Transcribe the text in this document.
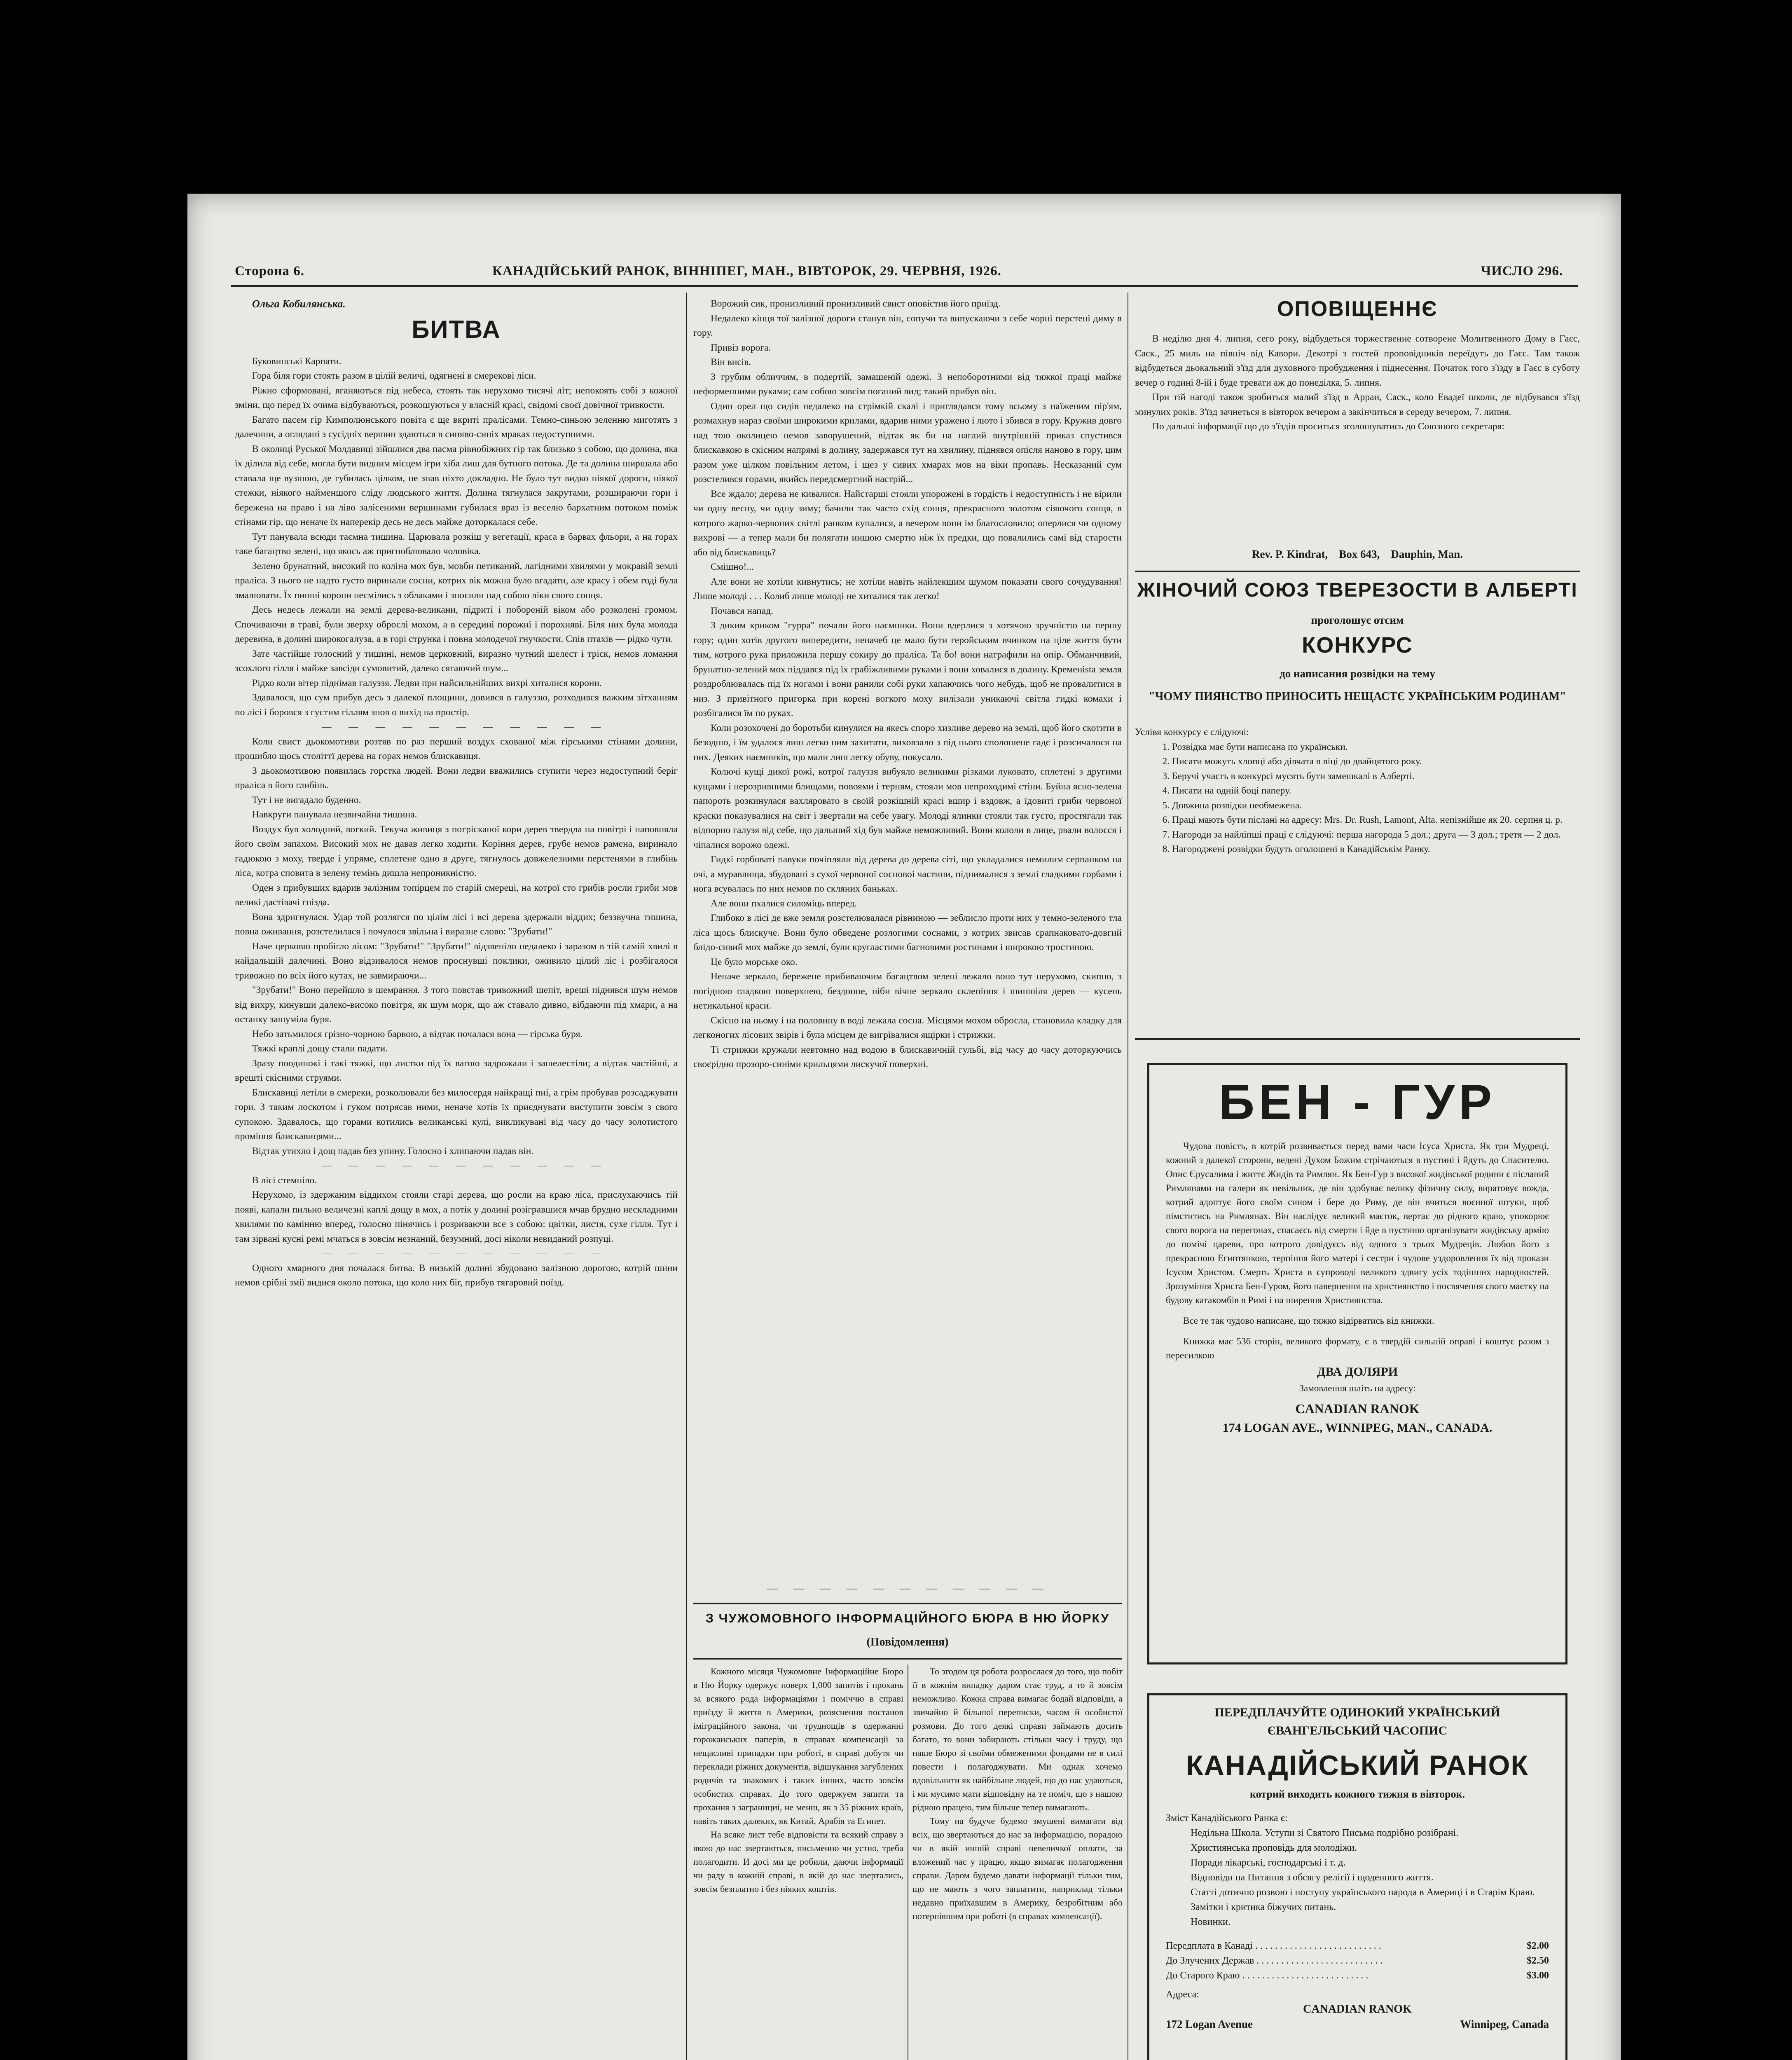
Сторона 6.	КАНАДІЙСЬКИЙ РАНОК, ВІННІПЕГ, МАН., ВІВТОРОК, 29. ЧЕРВНЯ, 1926.	ЧИСЛО 296.

Ольга Кобилянська.

БИТВА

Буковинські Карпати.

Гора біля гори стоять разом в цілій величі, одягнені в смерекові ліси.

Ріжно сформовані, вганяються під небеса, стоять так нерухомо тисячі літ; непокоять собі з кожної зміни, що перед їх очима відбуваються, розкошуються у власній красі, свідомі своєї довічної тривкости.

Багато пасем гір Кимполюнського повіта є ще вкриті пралісами. Темно-синьою зеленню миготять з далечини, а оглядані з сусідніх вершин здаються в синяво-синіх мраках недоступними.

В околиці Руської Молдавиці зійшлися два пасма рівнобіжних гір так близько з собою, що долина, яка їх ділила від себе, могла бути видним місцем ігри хіба лиш для бутного потока. Де та долина ширшала або ставала ще вузшою, де губилась цілком, не знав ніхто докладно. Не було тут видко ніякої дороги, ніякої стежки, ніякого найменшого сліду людського життя. Долина тягнулася закрутами, розшираючи гори і бережена на право і на ліво залісеними вершинами губилася враз із веселю бархатним потоком поміж стінами гір, що неначе їх наперекір десь не десь майже доторкалася себе.

Тут панувала всюди таємна тишина. Царювала розкіш у вегетації, краса в барвах фльори, а на горах таке багацтво зелені, що якось аж пригноблювало чоловіка.

Зелено брунатний, високий по коліна мох був, мовби петиканий, лагідними хвилями у мокравій землі праліса. З нього не надто густо виринали сосни, котрих вік можна було вгадати, але красу і обем годі була змалювати. Їх пишні корони несмілись з облаками і зносили над собою ліки свого сонця.

Десь недесь лежали на землі дерева-великани, підриті і побореній віком або розколені громом. Спочиваючи в траві, були зверху оброслі мохом, а в середині порожні і порохняві. Біля них булa молода деревина, в долині широкогалуза, а в горі струнка і повна молодечої гнучкости. Спів птахів — рідко чути.

Зате частійше голосний у тишині, немов церковний, виразно чутний шелест і тріск, немов ломання зсохлого гілля і майже завсіди сумовитий, далеко сягаючий шум...

Рідко коли вітер піднімав галуззя. Ледви при найсильнійших вихрі хиталися корони.

Здавалося, що сум прибув десь з далекої площини, довився в галуззю, розходився важким зітханням по лісі і боровся з густим гіллям знов о вихід на простір.

— — — — — — — — — — —

Коли свист дьокомотиви розтяв по раз перший воздух схованої між гірськими стінами долини, прошибло щось століттї дерева на горах немов блискавиця.

З дьокомотивою появилась горстка людей. Вони ледви вважились ступити через недоступний беріг праліса в його глибінь.

Тут і не вигадало буденно.

Навкруги панувала незвичайна тишина.

Воздух був холодний, вогкий. Текуча живиця з потрісканої кори дерев твердла на повітрі і наповняла його своїм запахом. Високий мох не давав легко ходити. Коріння дерев, грубе немов рамена, вириналo гадюкою з моху, твердe і упрямe, сплетене одно в друге, тягнулось довжелезними перстенями в глибінь ліса, котра сповита в зелену темінь дишла непроникністю.

Оден з прибувших вдарив залізним топірцем по старій смереці, на котрої сто грибів росли гриби мов великі дастівачі гніздa.

Вона здригнулася. Удар той розлягся по цілім лісі і всі дерева здержали віддих; беззвучна тишина, повна оживання, розстелилася і почулося звільна і виразне слово: "Зрубати!"

Наче церковю пробігло лісом: "Зрубати!" "Зрубати!" відзвеніло недалеко і заразом в тій самій хвилі в найдальшій далечині. Воно відзивалося немов проснувші поклики, оживило цілий ліс і розбігалося тривожно по всіх його кутах, не завмираючи...

"Зрубати!" Воно перейшло в шемрання. З того повстав тривожний шепіт, вреші піднявся шум немов від вихру, кинувши далеко-високо повітря, як шум моря, що аж ставало дивно, вібдаючи під хмари, а на останку зашуміла буря.

Небо затьмилося грізно-чорною барвою, а відтак почалася вона — гірська буря.

Тяжкі краплі дощу стали падати.

Зразу поодинокі і такі тяжкі, що листки під їх вагою задрожали і зашелестіли; а відтак частійші, а врешті скісними струями.

Блискавиці летіли в смереки, розколювали без милосердя найкращі пні, а грім пробував розсаджувати гори. З таким лоскотом і гуком потрясав ними, неначе хотів їх приєднувати виступити зовсім з свого супокою. Здавалось, що горами котились великанські кулі, викликувані від часу до часу золотистого проміння блискавицями...

Відтак утихло і дощ падав без упину. Голосно і хлипаючи падав він.

— — — — — — — — — — —

В лісі стемніло.

Нерухомо, із здержаним віддихом стояли старі дерева, що росли на краю ліса, прислухаючись тій появі, капали пильно величезні каплі дощу в мох, а потік у долині розігравшися мчав брудно нескладними хвилями по камінню вперед, голосно пінячись і розриваючи все з собою: цвітки, листя, сухе гілля. Тут і там зірвані кусні ремі мчаться в зовсім незнаний, безумний, досі ніколи невиданий розпуці.

— — — — — — — — — — —

Одного хмарного дня почалася битва. В низькій долині збудовано залізною дорогою, котрій шини немов срібні змії видися около потока, що коло них біг, прибув тягаровий поїзд.

Ворожий сик, пронизливий пронизливий свист оповістив його приїзд.

Недалеко кінця тої залізної дороги станув він, сопучи та випускаючи з себе чорні перстені диму в гору.

Привіз ворога.

Він висів.

З грубим обличчям, в подертій, замашеній одежі. З непоборотними від тяжкої праці майже неформенними руками; сам собою зовсім поганий вид; такий прибув він.

Один орел що сидів недалеко на стрімкій скалі і приглядався тому всьому з наїженим пір'ям, розмахнув нараз своїми широкими крилами, вдарив ними уражено і люто і збився в гору. Кружив довго над тою околицею немов заворушений, відтак як би на наглий внутрішній приказ спустився блискавкою в скісним напрямі в долину, задержався тут на хвилину, піднявся опісля наново в гору, цим разом уже цілком повільним летом, і щез у сивих хмарах мов на віки пропавь. Несказаний сум розстелився горами, якийсь передсмертний настрій...

Все ждало; дерева не кивалися. Найстарші стояли упорожені в гордість і недоступність і не вірили чи одну весну, чи одну зиму; бачили так часто схід сонця, прекрасного золотом сіяючого сонця, в котрого жарко-червоних світлі ранком купалися, а вечером вони ім благословило; оперлися чи одному вихрові — а тепер мали би полягати иншою смертю ніж їх предки, що повалились самі від старости або від блискавиць?

Смішно!...

Але вони не хотіли кивнутись; не хотіли навіть найлекшим шумом показати свого сочудування! Лише молоді . . . Колиб лише молоді не хиталися так легко!

Почався напад.

З диким криком "гурра" почали його наємники. Вони вдерлися з хотячою зручністю на першу гору; один хотів другого випередити, неначеб це мало бути геройським вчинком на ціле життя бути тим, котрого рука приложила першу сокиру до праліса. Та бо! вони натрафили на опір. Обманчивий, брунатно-зелений мох піддався під їх грабіжливими руками і вони ховалися в долину. Кременista земля роздроблювалась під їх ногами і вони ранили собі руки хапаючись чого небудь, щоб не провалитися в низ. З привітного пригорка при корені вогкого моху вилізали уникаючі світла гидкі комахи і розбігалися їм по руках.

Коли розохочені до боротьби кинулися на якесь споро хизливе дерево на землі, щоб його скотити в безодню, і їм удалося лиш легко ним захитати, виховзало з під нього сполошене гадє і розсичалося на них. Деяких наємників, що мали лиш легку обуву, покусало.

Колючі кущі дикої рожі, котрої галуззя вибуяло великими різками луковато, сплетені з другими кущами і нерозривними блищами, повоями і терням, стояли мов непроходимі стіни. Буйна ясно-зелена папороть розкинулася вахляровато в своїй розкішній красі вшир і вздовж, а їдовиті гриби червоної краски показувалися на світ і звертали на себе увагу. Молоді ялинки стояли так густо, простягали так відпорно галузя від себе, що дальший хід був майже неможливий. Вони кололи в лице, рвали волосся і чіпалися ворожо одежі.

Гидкі горбоваті павуки почіпляли від дерева до дерева сіті, що укладалися немилим серпанком на очі, а муравлища, збудовані з сухої червоної сосновоі частини, піднималися з землі гладкими горбами і нога всувалась по них немов по скляних баньках.

Але вони пхалися силоміць вперед.

Глибоко в лісі де вже земля розстелювалася рівнинoю — зеблисло проти них у темно-зеленого тла ліса щось блискуче. Вони було обведене розлогими соснами, з котрих звисав срапнаковато-довгий блідо-сивий мох майже до землі, були кругластими багновими ростинами і широкою тростиною.

Це було морське око.

Неначе зеркало, бережене прибиваючим багацтвом зелені лежало воно тут нерухомо, скипно, з погідною гладкою поверхнею, бездонне, ніби вічне зеркало склепіння і шиншіля дерев — кусень нетикальної краси.

Скісно на ньому і на половину в воді лежала сосна. Місцями мохом обросла, становила кладку для легконогих лісових звірів і була місцем де вигрівалися ящірки і стрижки.

Ті стрижки кружали невтомно над водою в блискавичній гульбі, від часу до часу доторкуючись своєрідно прозоро-синіми крильцями лискучої поверхні.

— — — — — — — — — — —
З ЧУЖОМОВНОГО ІНФОРМАЦІЙНОГО БЮРА В НЮ ЙОРКУ
(Повідомлення)

Кожного місяця Чужомовне Інформаційне Бюро в Ню Йорку одержує поверх 1,000 запитів і прохань за всякого рода інформаціями і поміччю в справі приїзду й життя в Америки, розяснення постанов іміграційного закона, чи труднощів в одержанні горожанських паперів, в справах компенсації за нещасливі припадки при роботі, в справі добутя чи переклади ріжних документів, відшукання загублених родичів та знакомих і таких інших, часто зовсім особистих справах. До того одержуєм запити та прохання з загранициі, не менш, як з 35 ріжних країв, навіть таких далеких, як Китай, Арабія та Египет.

На всякe лист тебе відповісти та всякий справу з якою до нас звертаються, письменно чи устно, треба полагодити. И досі ми це робили, даючи інформації чи раду в кожній справі, в якій до нас звертались, зовсім безплатно і без ніяких коштів.

То згодом ця робота розрослася до того, що побіт її в кожнім випадку даром стає труд, а то й зовсім неможливо. Кожна справа вимагає бодай відповіди, а звичайно й більшої переписки, часом й особистої розмови. До того деякі справи займають досить багато, то вони забирають стільки часу і труду, що наше Бюро зі своїми обмеженими фондами нe в силі повести і полагоджувати. Ми однак хочемо вдовільнити як найбільше людей, що до нас удаються, і ми мусимо мати відповідну на те поміч, що з нашою рідною працею, тим більше тепер вимагають.

Тому на будуче будемо змушені вимагати від всіх, що звертаються до нас за інформацією, порадою чи в якій иншій справі невеличкої оплати, за вложений час у працю, якщо вимагає полагодження справи. Даром будемо давати інформації тільки тим, що не мають з чого заплатити, наприклад тільки недавно приїхавшим в Америку, безробітним або потерпівшим при роботі (в справах компенсації).

ОПОВІЩЕННЄ

В неділю дня 4. липня, сего року, відбудеться торжественне сотворене Молитвенного Дому в Гаєс, Саск., 25 миль на північ від Кавори. Декотрі з гостей проповідників переїдуть до Гаєс. Там також відбудеться дьокальний з'їзд для духовного пробудження і піднесення. Початок того з'їзду в Гаєс в суботу вечер о годині 8-ій і буде тревати аж до понеділка, 5. липня.

При тій нагоді також зробиться малий з'їзд в Арран, Саск., коло Евадеї школи, де відбувався з'їзд минулих років. З'їзд зачнеться в вівторок вечером а закінчиться в середу вечером, 7. липня.

По дальші інформації що до з'їздів проситься зголошуватись до Союзного секретаря:

Rev. P. Kindrat,    Box 643,    Dauphin, Man.
ЖІНОЧИЙ СОЮЗ ТВЕРЕЗОСТИ В АЛБЕРТІ
проголошує отсим
КОНКУРС
до написання розвідки на тему
"ЧОМУ ПИЯНСТВО ПРИНОСИТЬ НЕЩАСТЄ УКРАЇНСЬКИМ РОДИНАМ"

Услівя конкурсу є слідуючі:

1. Розвідка має бути написана по українськи.
2. Писати можуть хлопці або дівчата в віці до двайцятого року.
3. Беручі участь в конкурсі мусять бути замешкалі в Алберті.
4. Писати на одній боці паперу.
5. Довжина розвідки необмежена.
6. Праці мають бути післані на адресу: Mrs. Dr. Rush, Lamont, Alta. непізнійше як 20. серпня ц. р.
7. Нагороди за найліпші праці є слідуючі: перша нагорода 5 дол.; друга — 3 дол.; третя — 2 дол.
8. Нагороджені розвідки будуть оголошені в Канадійськім Ранку.
БЕН - ГУР

Чудова повість, в котрій розвивається перед вами часи Ісуса Христа. Як три Мудреці, кожний з далекої сторони, ведені Духом Божим стрічаються в пустині і йдуть до Спасителю. Опис Єрусалима і життє Жидів та Римлян. Як Бен-Гур з високої жидівської родини є післаний Римлянами на галери як невільник, де він здобуває велику фізичну силу, виратовує вожда, котрий адоптує його своїм сином і бере до Риму, де він вчиться воєнної штуки, щоб пімститись на Римлянах. Він наслідує великий маєток, вертає до рідного краю, упокорює свого ворога на перегонах, спасаєсь від смерти і йде в пустиню організувати жидівську армію до помічі цареви, про котрого довідуєсь від одного з трьох Мудреців. Любов його з прекрасною Египтянкою, терпіння його матері і сестри і чудове уздоровлення їх від прокази Ісусом Христом. Смерть Христа в супроводі великого здвигу усіх тодішних народностей. Зрозуміння Христа Бен-Гуром, його навернення на християнство і посвячення свого маєтку на будову катакомбів в Римі і на ширення Християнства.

Все те так чудово написане, що тяжко відірватись від книжки.

Книжка має 536 сторін, великого формату, є в твердій сильній оправі і коштує разом з пересилкою

ДВА ДОЛЯРИ
Замовлення шліть на адресу:
CANADIAN RANOK
174 LOGAN AVE., WINNIPEG, MAN., CANADA.
ПЕРЕДПЛАЧУЙТЕ ОДИНОКИЙ УКРАЇНСЬКИЙ
ЄВАНГЕЛЬСЬКИЙ ЧАСОПИС
КАНАДІЙСЬКИЙ РАНОК
котрий виходить кожного тижня в вівторок.

Зміст Канадійського Ранка є:

Недільна Школа. Уступи зі Святого Письма подрібно розібрані.
Християнська проповідь для молодіжи.
Поради лікарські, господарські і т. д.
Відповіди на Питання з обсягу релігії і щоденного життя.
Статті дотично розвою і поступу українського народа в Америці і в Старім Краю.
Замітки і критика біжучих питань.
Новинки.
Передплата в Канаді . . . . . . . . . . . . . . . . . . . . . . . . . .	$2.00
До Злучених Держав . . . . . . . . . . . . . . . . . . . . . . . . . .	$2.50
До Старого Краю . . . . . . . . . . . . . . . . . . . . . . . . . .	$3.00

Адреса:

CANADIAN RANOK
172 Logan Avenue	Winnipeg, Canada
